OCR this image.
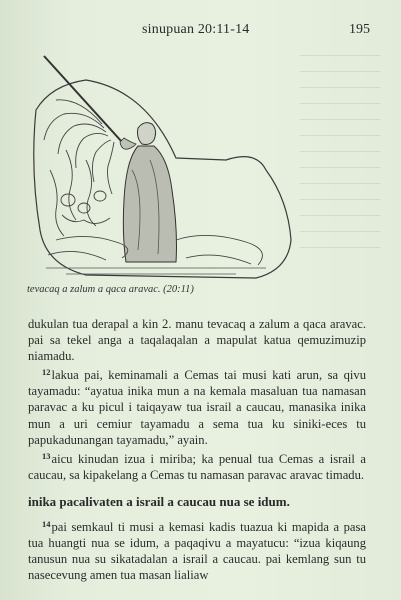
sinupuan 20:11-14	195
tevacaq a zalum a qaca aravac. (20:11)

dukulan tua derapal a kin 2. manu tevacaq a zalum a qaca aravac. pai sa tekel anga a taqalaqalan a mapulat katua qemuzimuzip niamadu.

$^{12}$lakua pai, keminamali a Cemas tai musi kati arun, sa qivu tayamadu: “ayatua inika mun a na kemala masaluan tua namasan paravac a ku picul i taiqayaw tua israil a caucau, manasika inika mun a uri cemiur tayamadu a sema tua ku siniki-eces tu papukadunangan tayamadu,” ayain.

$^{13}$aicu kinudan izua i miriba; ka penual tua Cemas a israil a caucau, sa kipakelang a Cemas tu namasan paravac aravac timadu.

inika pacalivaten a israil a caucau nua se idum.

$^{14}$pai semkaul ti musi a kemasi kadis tuazua ki mapida a pasa tua huangti nua se idum, a paqaqivu a mayatucu: “izua kiqaung tanusun nua su sikatadalan a israil a caucau. pai kemlang sun tu nasecevung amen tua masan lialiaw
